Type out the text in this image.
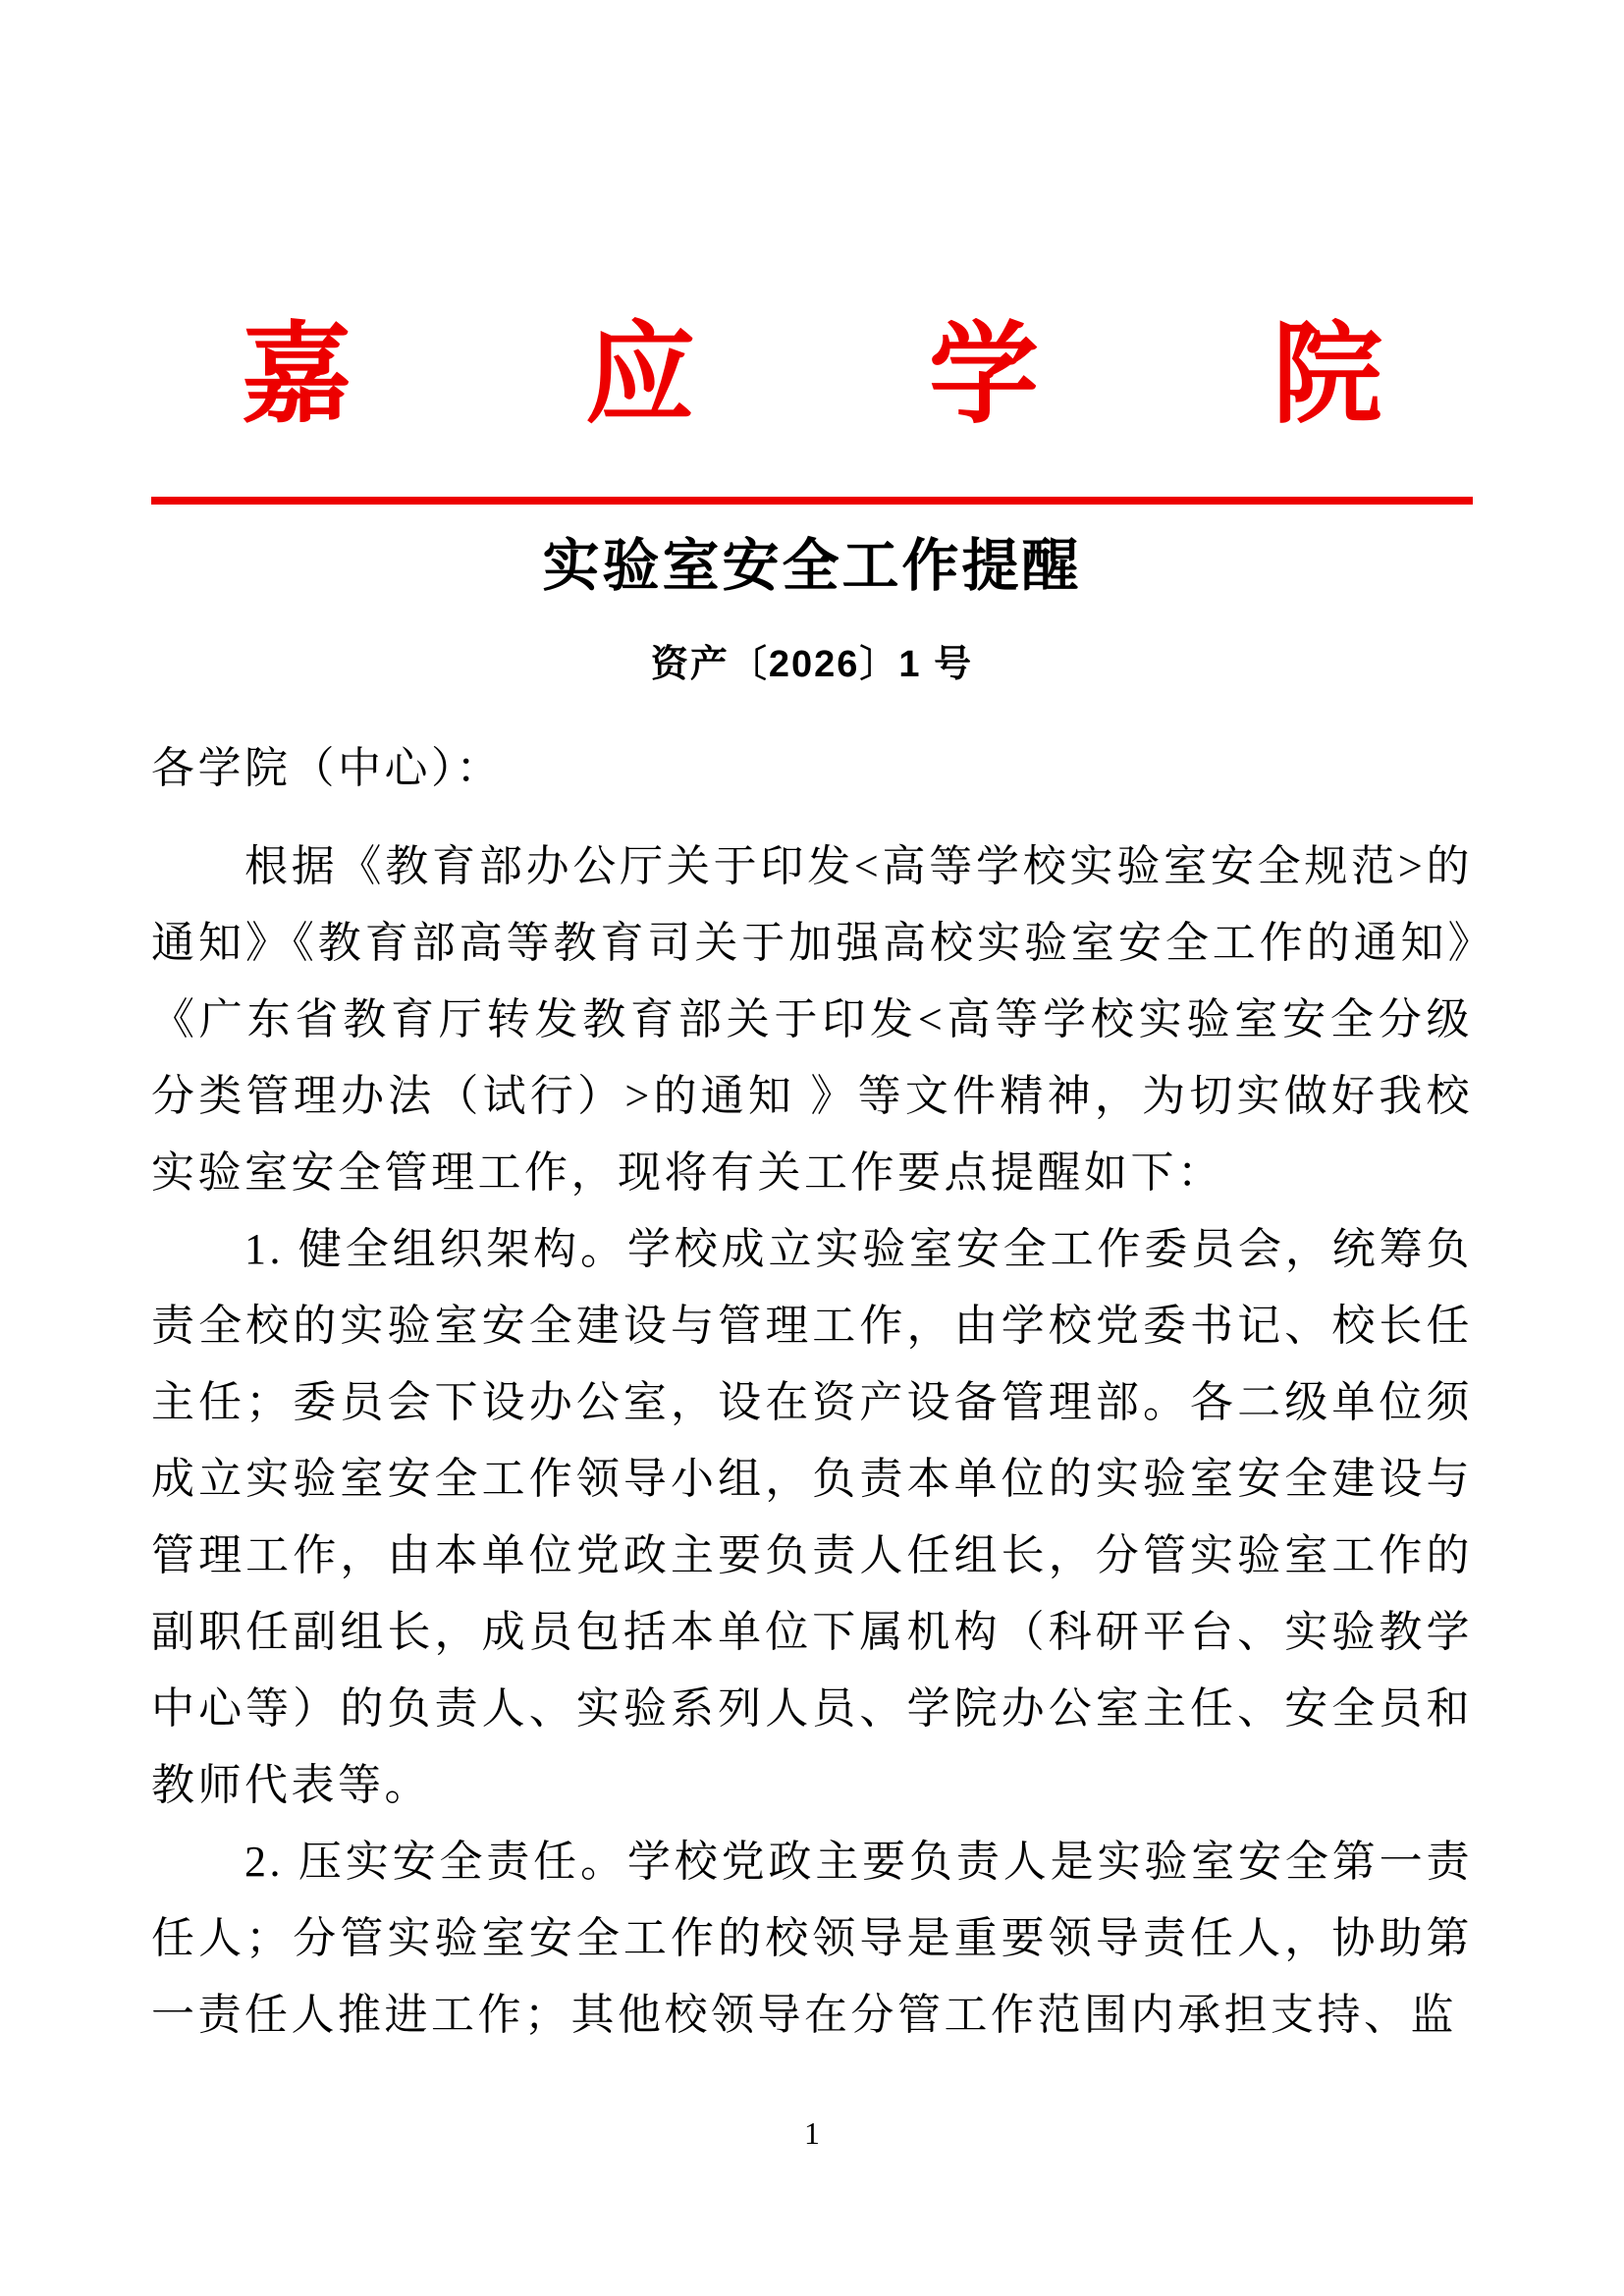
嘉 应 学 院
实验室安全工作提醒
资产〔2026〕1 号
各学院（中心）：

根据《教育部办公厅关于印发<高等学校实验室安全规范>的通知》《教育部高等教育司关于加强高校实验室安全工作的通知》《广东省教育厅转发教育部关于印发<高等学校实验室安全分级分类管理办法（试行）>的通知 》等文件精神，为切实做好我校实验室安全管理工作，现将有关工作要点提醒如下：

1. 健全组织架构。学校成立实验室安全工作委员会，统筹负责全校的实验室安全建设与管理工作，由学校党委书记、校长任主任；委员会下设办公室，设在资产设备管理部。各二级单位须成立实验室安全工作领导小组，负责本单位的实验室安全建设与管理工作，由本单位党政主要负责人任组长，分管实验室工作的副职任副组长，成员包括本单位下属机构（科研平台、实验教学中心等）的负责人、实验系列人员、学院办公室主任、安全员和教师代表等。

2. 压实安全责任。学校党政主要负责人是实验室安全第一责任人；分管实验室安全工作的校领导是重要领导责任人，协助第一责任人推进工作；其他校领导在分管工作范围内承担支持、监

1
